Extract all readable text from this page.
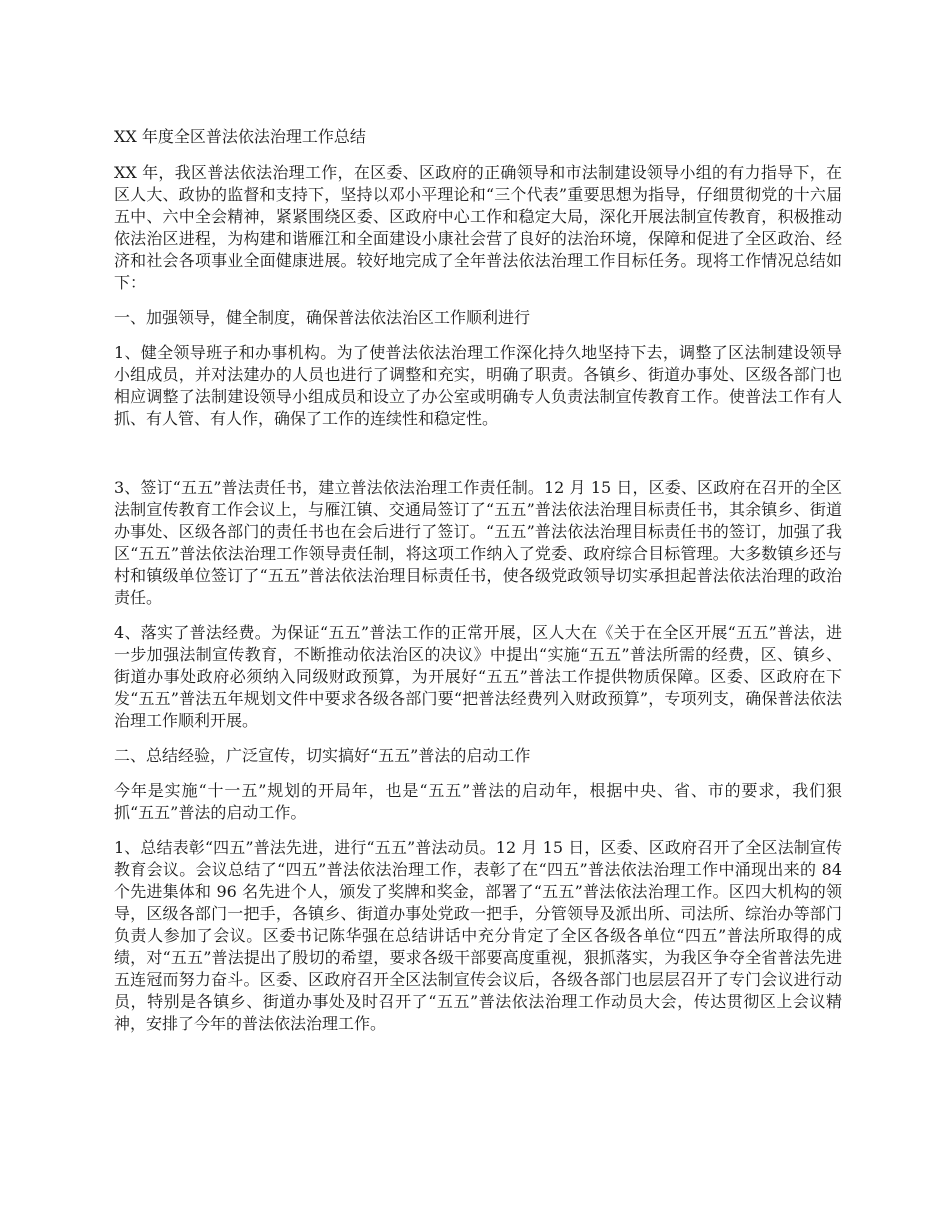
XX 年度全区普法依法治理工作总结

XX 年，我区普法依法治理工作，在区委、区政府的正确领导和市法制建设领导小组的有力指导下，在区人大、政协的监督和支持下，坚持以邓小平理论和“三个代表”重要思想为指导，仔细贯彻党的十六届五中、六中全会精神，紧紧围绕区委、区政府中心工作和稳定大局，深化开展法制宣传教育，积极推动依法治区进程，为构建和谐雁江和全面建设小康社会营了良好的法治环境，保障和促进了全区政治、经济和社会各项事业全面健康进展。较好地完成了全年普法依法治理工作目标任务。现将工作情况总结如下：

一、加强领导，健全制度，确保普法依法治区工作顺利进行

1、健全领导班子和办事机构。为了使普法依法治理工作深化持久地坚持下去，调整了区法制建设领导小组成员，并对法建办的人员也进行了调整和充实，明确了职责。各镇乡、街道办事处、区级各部门也相应调整了法制建设领导小组成员和设立了办公室或明确专人负责法制宣传教育工作。使普法工作有人抓、有人管、有人作，确保了工作的连续性和稳定性。

3、签订“五五”普法责任书，建立普法依法治理工作责任制。12 月 15 日，区委、区政府在召开的全区法制宣传教育工作会议上，与雁江镇、交通局签订了“五五”普法依法治理目标责任书，其余镇乡、街道办事处、区级各部门的责任书也在会后进行了签订。“五五”普法依法治理目标责任书的签订，加强了我区“五五”普法依法治理工作领导责任制，将这项工作纳入了党委、政府综合目标管理。大多数镇乡还与村和镇级单位签订了“五五”普法依法治理目标责任书，使各级党政领导切实承担起普法依法治理的政治责任。

4、落实了普法经费。为保证“五五”普法工作的正常开展，区人大在《关于在全区开展“五五”普法，进一步加强法制宣传教育，不断推动依法治区的决议》中提出“实施“五五”普法所需的经费，区、镇乡、街道办事处政府必须纳入同级财政预算，为开展好“五五”普法工作提供物质保障。区委、区政府在下发“五五”普法五年规划文件中要求各级各部门要“把普法经费列入财政预算”，专项列支，确保普法依法治理工作顺利开展。

二、总结经验，广泛宣传，切实搞好“五五”普法的启动工作

今年是实施“十一五”规划的开局年，也是“五五”普法的启动年，根据中央、省、市的要求，我们狠抓“五五”普法的启动工作。

1、总结表彰“四五”普法先进，进行“五五”普法动员。12 月 15 日，区委、区政府召开了全区法制宣传教育会议。会议总结了“四五”普法依法治理工作，表彰了在“四五”普法依法治理工作中涌现出来的 84 个先进集体和 96 名先进个人，颁发了奖牌和奖金，部署了“五五”普法依法治理工作。区四大机构的领导，区级各部门一把手，各镇乡、街道办事处党政一把手，分管领导及派出所、司法所、综治办等部门负责人参加了会议。区委书记陈华强在总结讲话中充分肯定了全区各级各单位“四五”普法所取得的成绩，对“五五”普法提出了殷切的希望，要求各级干部要高度重视，狠抓落实，为我区争夺全省普法先进五连冠而努力奋斗。区委、区政府召开全区法制宣传会议后，各级各部门也层层召开了专门会议进行动员，特别是各镇乡、街道办事处及时召开了“五五”普法依法治理工作动员大会，传达贯彻区上会议精神，安排了今年的普法依法治理工作。
